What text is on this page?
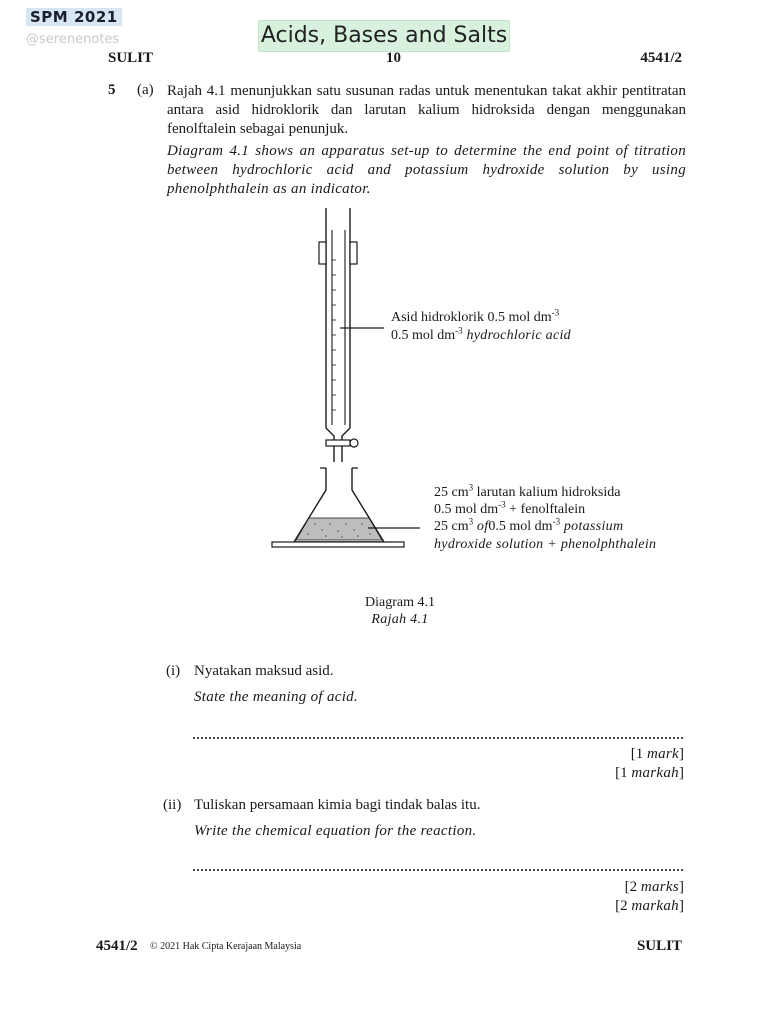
SPM 2021
@serenenotes	Acids, Bases and Salts
SULIT	10	4541/2
5 (a) Rajah 4.1 menunjukkan satu susunan radas untuk menentukan takat akhir pentitratan antara asid hidroklorik dan larutan kalium hidroksida dengan menggunakan fenolftalein sebagai penunjuk.
Diagram 4.1 shows an apparatus set-up to determine the end point of titration between hydrochloric acid and potassium hydroxide solution by using phenolphthalein as an indicator.
Asid hidroklorik 0.5 mol $dm^{-3}$
0.5 mol $dm^{-3}$ hydrochloric acid
25 $cm^3$ larutan kalium hidroksida
0.5 mol $dm^{-3}$ + fenolftalein
25 $cm^3$ of0.5 mol $dm^{-3}$ potassium
hydroxide solution + phenolphthalein
Diagram 4.1
Rajah 4.1
(i) Nyatakan maksud asid.
State the meaning of acid.
[1 mark]
[1 markah]
(ii) Tuliskan persamaan kimia bagi tindak balas itu.
Write the chemical equation for the reaction.
[2 marks]
[2 markah]
4541/2 © 2021 Hak Cipta Kerajaan Malaysia	SULIT
